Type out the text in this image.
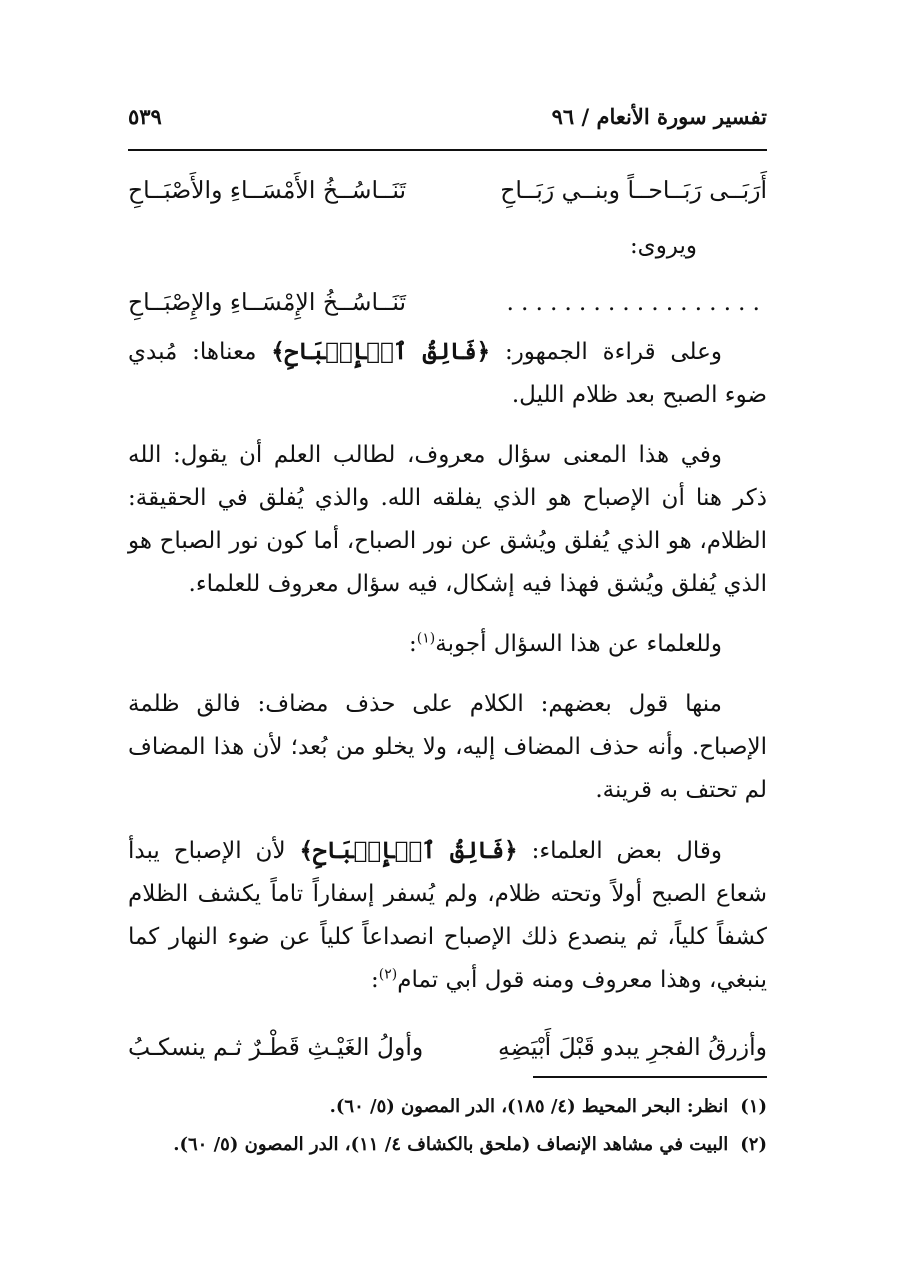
تفسير سورة الأنعام / ٩٦
٥٣٩
أَرَبَــى رَبَــاحــاً وبنــي رَبَــاحِ
تَنَــاسُــخُ الأَمْسَــاءِ والأَصْبَــاحِ
ويروى:
..................
تَنَــاسُــخُ الإِمْسَــاءِ والإِصْبَــاحِ

وعلى قراءة الجمهور: ﴿فَالِقُ ٱلۡإِصۡبَاحِ﴾ معناها: مُبدي ضوء الصبح بعد ظلام الليل.

وفي هذا المعنى سؤال معروف، لطالب العلم أن يقول: الله ذكر هنا أن الإصباح هو الذي يفلقه الله. والذي يُفلق في الحقيقة: الظلام، هو الذي يُفلق ويُشق عن نور الصباح، أما كون نور الصباح هو الذي يُفلق ويُشق فهذا فيه إشكال، فيه سؤال معروف للعلماء.

وللعلماء عن هذا السؤال أجوبة$^{(١)}$:

منها قول بعضهم: الكلام على حذف مضاف: فالق ظلمة الإصباح. وأنه حذف المضاف إليه، ولا يخلو من بُعد؛ لأن هذا المضاف لم تحتف به قرينة.

وقال بعض العلماء: ﴿فَالِقُ ٱلۡإِصۡبَاحِ﴾ لأن الإصباح يبدأ شعاع الصبح أولاً وتحته ظلام، ولم يُسفر إسفاراً تاماً يكشف الظلام كشفاً كلياً، ثم ينصدع ذلك الإصباح انصداعاً كلياً عن ضوء النهار كما ينبغي، وهذا معروف ومنه قول أبي تمام$^{(٢)}$:

وأزرقُ الفجرِ يبدو قَبْلَ أَبْيَضِهِ
وأولُ الغَيْـثِ قَطْـرٌ ثـم ينسكـبُ
(١)
انظر: البحر المحيط (٤/ ١٨٥)، الدر المصون (٥/ ٦٠).
(٢)
البيت في مشاهد الإنصاف (ملحق بالكشاف ٤/ ١١)، الدر المصون (٥/ ٦٠).
